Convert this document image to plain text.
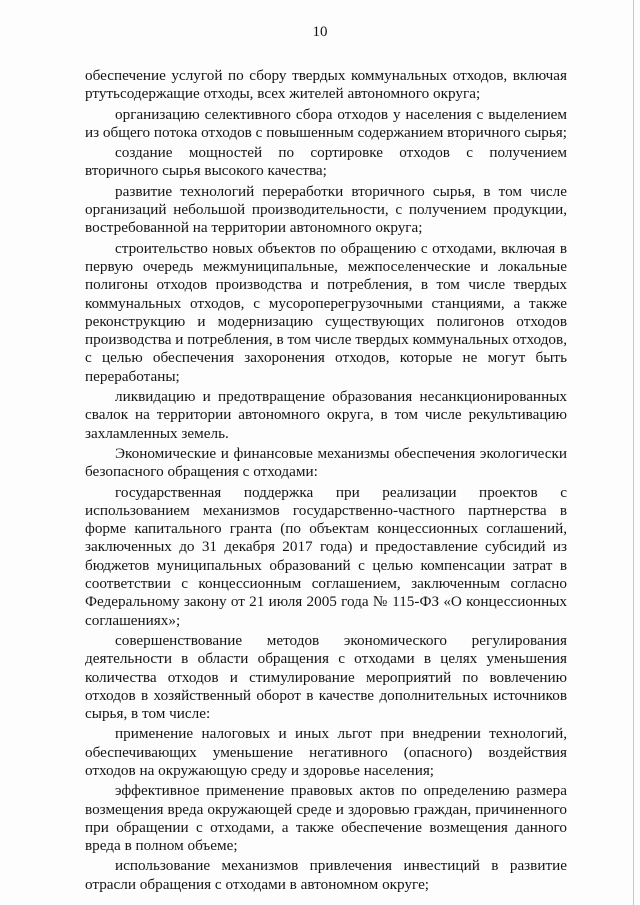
10

обеспечение услугой по сбору твердых коммунальных отходов, включая ртутьсодержащие отходы, всех жителей автономного округа;

организацию селективного сбора отходов у населения с выделением из общего потока отходов с повышенным содержанием вторичного сырья;

создание мощностей по сортировке отходов с получением вторичного сырья высокого качества;

развитие технологий переработки вторичного сырья, в том числе организаций небольшой производительности, с получением продукции, востребованной на территории автономного округа;

строительство новых объектов по обращению с отходами, включая в первую очередь межмуниципальные, межпоселенческие и локальные полигоны отходов производства и потребления, в том числе твердых коммунальных отходов, с мусороперегрузочными станциями, а также реконструкцию и модернизацию существующих полигонов отходов производства и потребления, в том числе твердых коммунальных отходов, с целью обеспечения захоронения отходов, которые не могут быть переработаны;

ликвидацию и предотвращение образования несанкционированных свалок на территории автономного округа, в том числе рекультивацию захламленных земель.

Экономические и финансовые механизмы обеспечения экологически безопасного обращения с отходами:

государственная поддержка при реализации проектов с использованием механизмов государственно-частного партнерства в форме капитального гранта (по объектам концессионных соглашений, заключенных до 31 декабря 2017 года) и предоставление субсидий из бюджетов муниципальных образований с целью компенсации затрат в соответствии с концессионным соглашением, заключенным согласно Федеральному закону от 21 июля 2005 года № 115-ФЗ «О концессионных соглашениях»;

совершенствование методов экономического регулирования деятельности в области обращения с отходами в целях уменьшения количества отходов и стимулирование мероприятий по вовлечению отходов в хозяйственный оборот в качестве дополнительных источников сырья, в том числе:

применение налоговых и иных льгот при внедрении технологий, обеспечивающих уменьшение негативного (опасного) воздействия отходов на окружающую среду и здоровье населения;

эффективное применение правовых актов по определению размера возмещения вреда окружающей среде и здоровью граждан, причиненного при обращении с отходами, а также обеспечение возмещения данного вреда в полном объеме;

использование механизмов привлечения инвестиций в развитие отрасли обращения с отходами в автономном округе;
